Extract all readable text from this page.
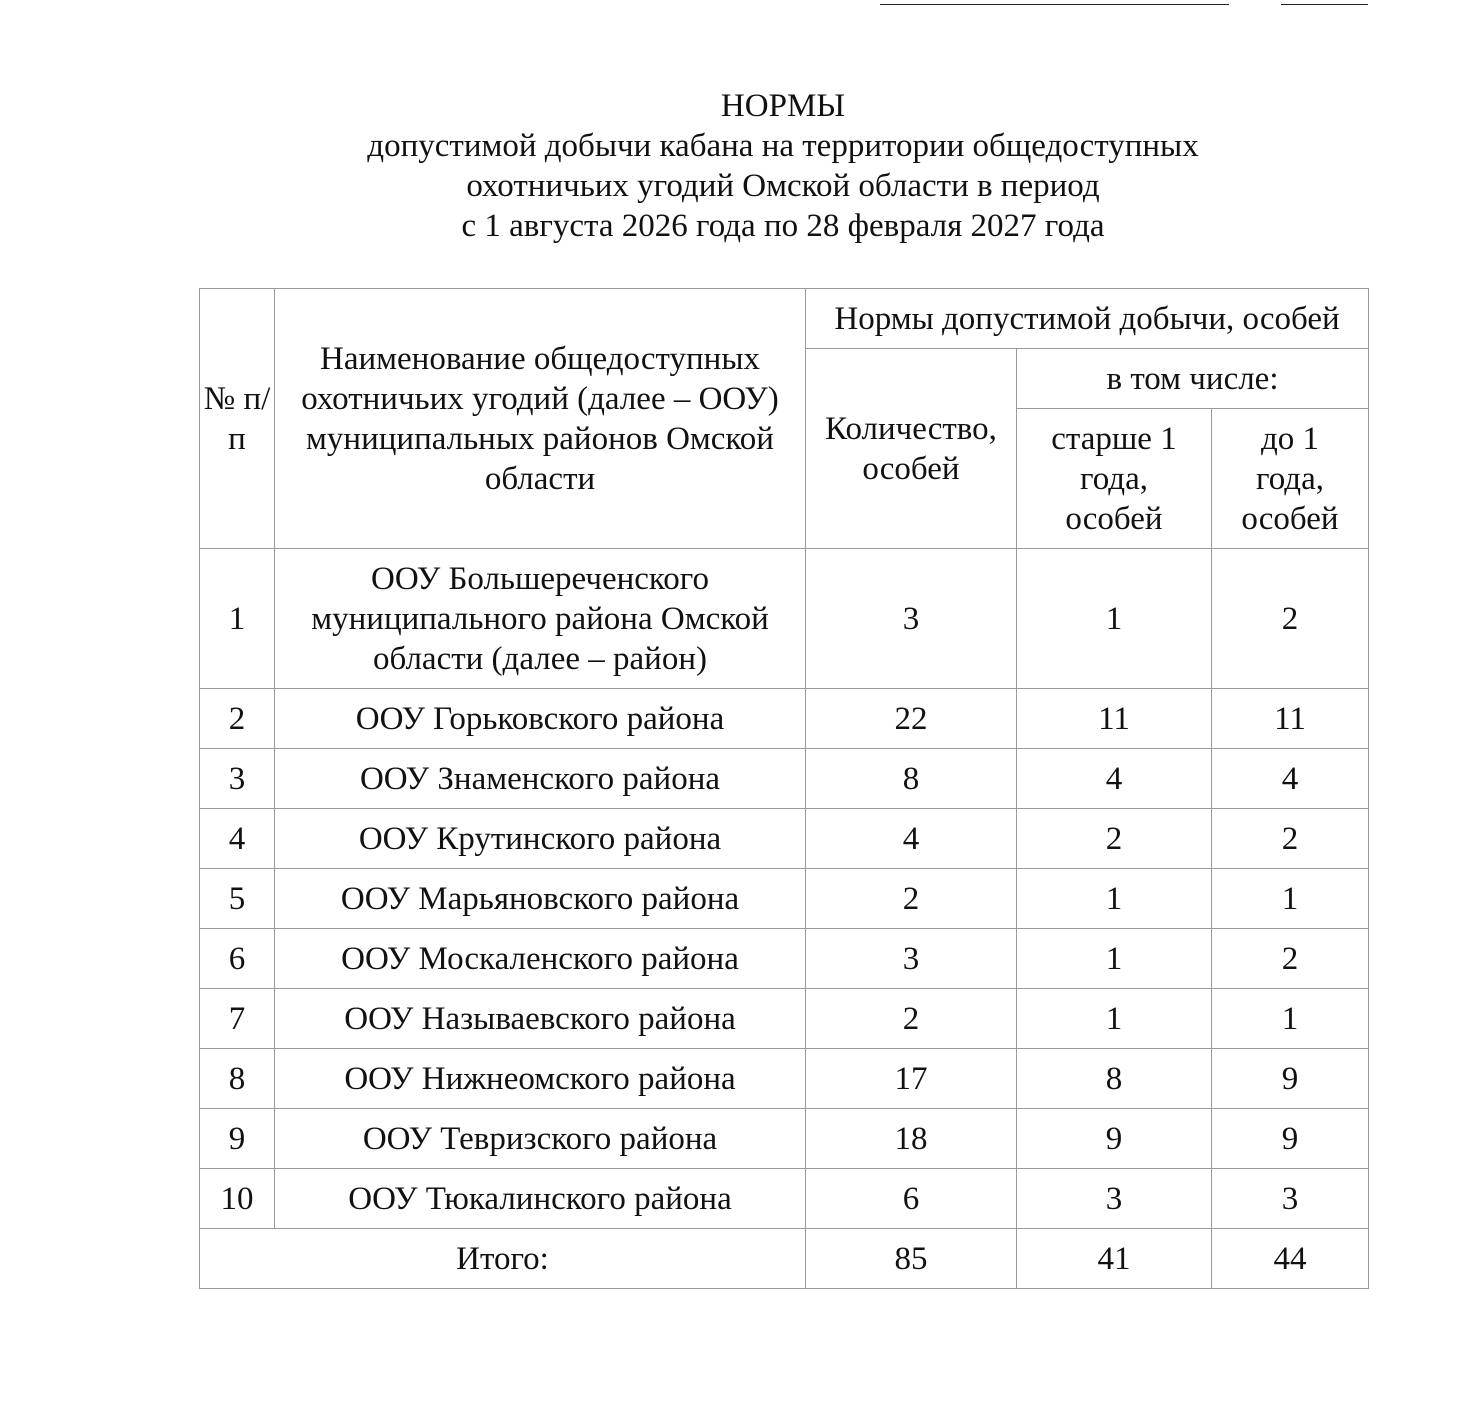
НОРМЫ
допустимой добычи кабана на территории общедоступных
охотничьих угодий Омской области в период
с 1 августа 2026 года по 28 февраля 2027 года
№ п/п	Наименование общедоступных охотничьих угодий (далее – ООУ) муниципальных районов Омской области	Нормы допустимой добычи, особей		
		Количество, особей	в том числе:	
			старше 1 года, особей	до 1 года, особей
1	ООУ Большереченского муниципального района Омской области (далее – район)	3	1	2
2	ООУ Горьковского района	22	11	11
3	ООУ Знаменского района	8	4	4
4	ООУ Крутинского района	4	2	2
5	ООУ Марьяновского района	2	1	1
6	ООУ Москаленского района	3	1	2
7	ООУ Называевского района	2	1	1
8	ООУ Нижнеомского района	17	8	9
9	ООУ Тевризского района	18	9	9
10	ООУ Тюкалинского района	6	3	3
Итого:		85	41	44
